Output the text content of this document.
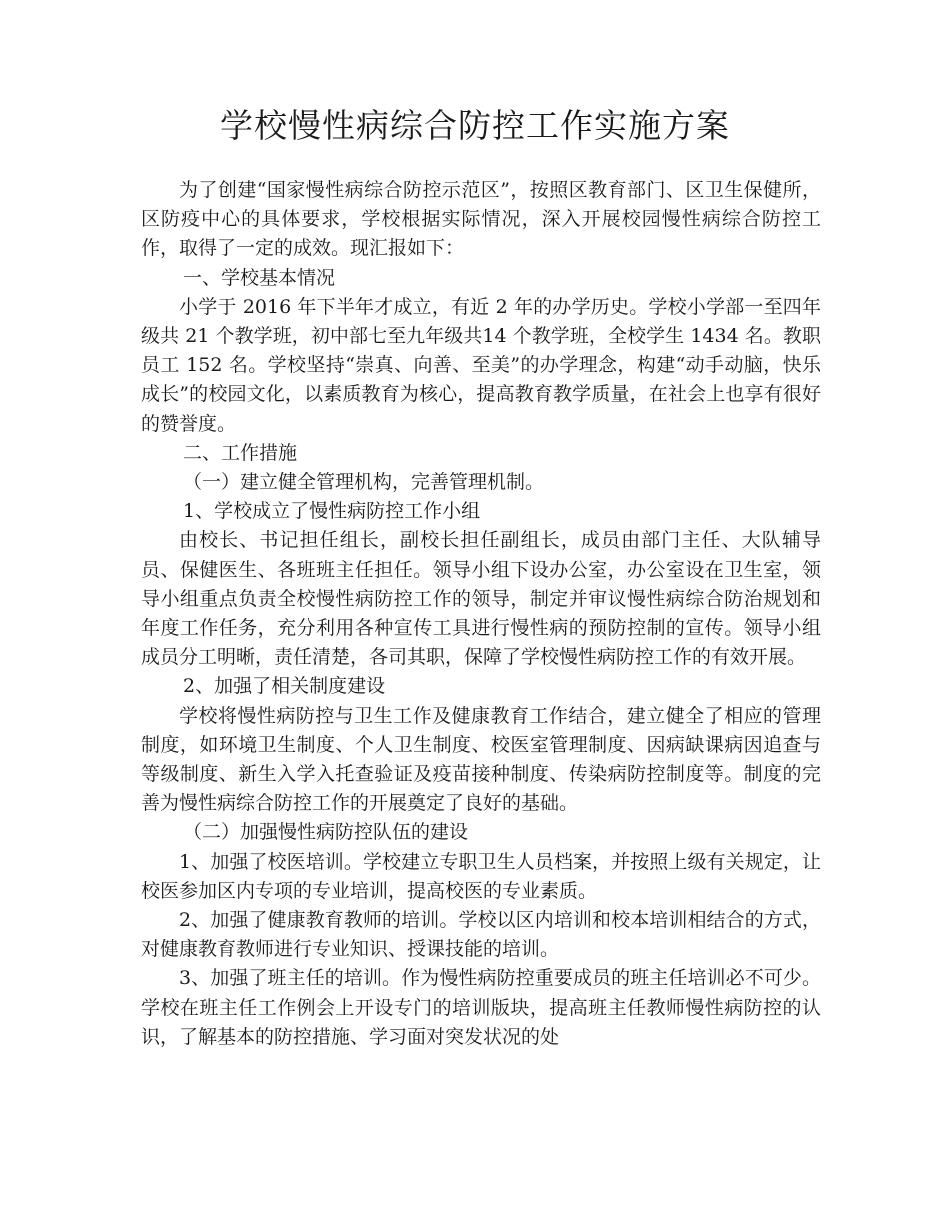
学校慢性病综合防控工作实施方案

为了创建“国家慢性病综合防控示范区”，按照区教育部门、区卫生保健所，区防疫中心的具体要求，学校根据实际情况，深入开展校园慢性病综合防控工作，取得了一定的成效。现汇报如下：

一、学校基本情况

小学于 2016 年下半年才成立，有近 2 年的办学历史。学校小学部一至四年级共 21 个教学班，初中部七至九年级共14 个教学班，全校学生 1434 名。教职员工 152 名。学校坚持“崇真、向善、至美”的办学理念，构建“动手动脑，快乐成长”的校园文化，以素质教育为核心，提高教育教学质量，在社会上也享有很好的赞誉度。

二、工作措施

（一）建立健全管理机构，完善管理机制。

1、学校成立了慢性病防控工作小组

由校长、书记担任组长，副校长担任副组长，成员由部门主任、大队辅导员、保健医生、各班班主任担任。领导小组下设办公室，办公室设在卫生室，领导小组重点负责全校慢性病防控工作的领导，制定并审议慢性病综合防治规划和年度工作任务，充分利用各种宣传工具进行慢性病的预防控制的宣传。领导小组成员分工明晰，责任清楚，各司其职，保障了学校慢性病防控工作的有效开展。

2、加强了相关制度建设

学校将慢性病防控与卫生工作及健康教育工作结合，建立健全了相应的管理制度，如环境卫生制度、个人卫生制度、校医室管理制度、因病缺课病因追查与等级制度、新生入学入托查验证及疫苗接种制度、传染病防控制度等。制度的完善为慢性病综合防控工作的开展奠定了良好的基础。

（二）加强慢性病防控队伍的建设

1、加强了校医培训。学校建立专职卫生人员档案，并按照上级有关规定，让校医参加区内专项的专业培训，提高校医的专业素质。

2、加强了健康教育教师的培训。学校以区内培训和校本培训相结合的方式，对健康教育教师进行专业知识、授课技能的培训。

3、加强了班主任的培训。作为慢性病防控重要成员的班主任培训必不可少。学校在班主任工作例会上开设专门的培训版块，提高班主任教师慢性病防控的认识，了解基本的防控措施、学习面对突发状况的处
